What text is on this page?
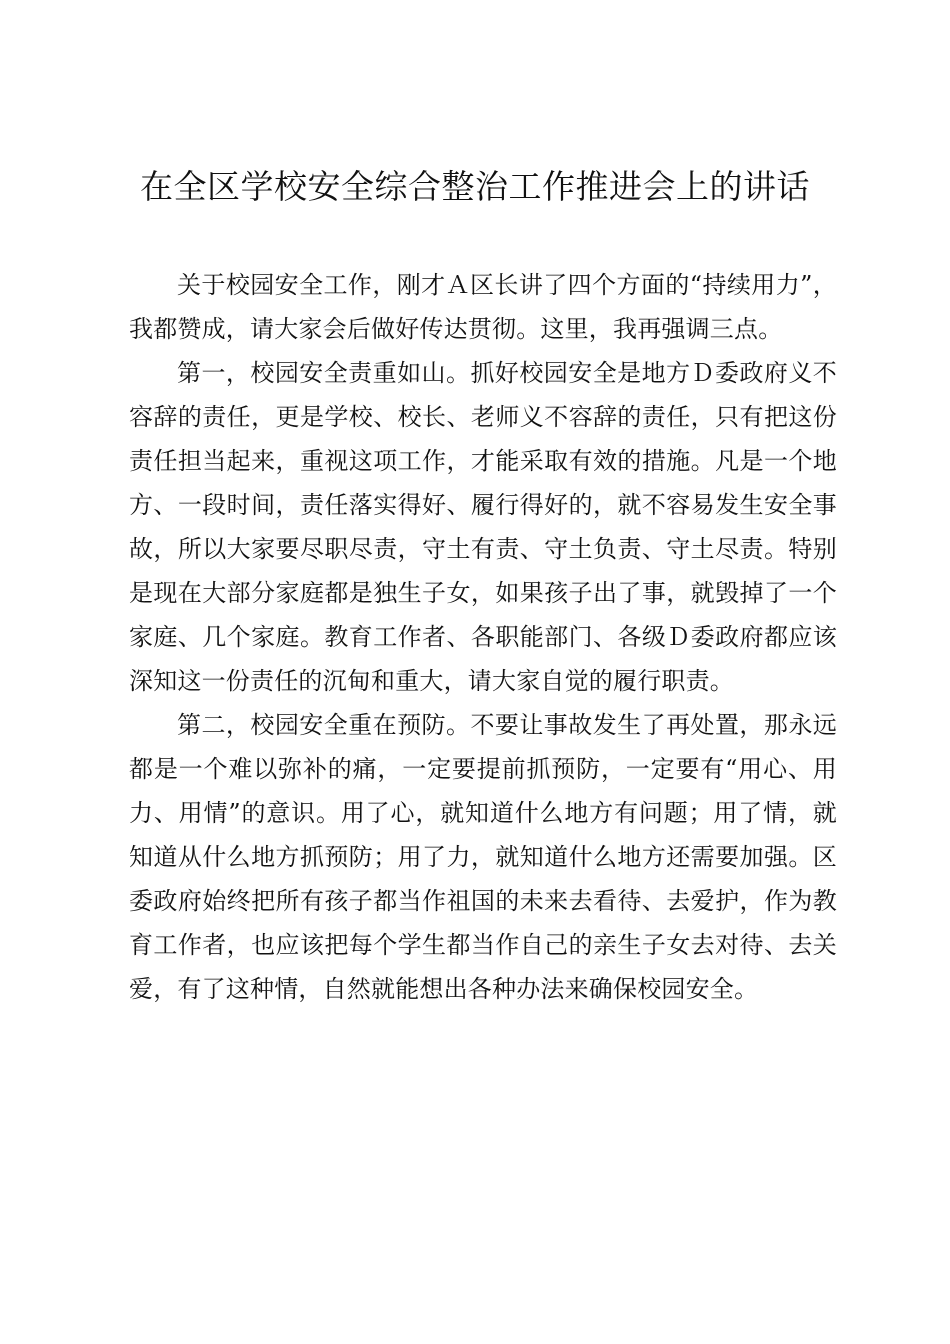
在全区学校安全综合整治工作推进会上的讲话

关于校园安全工作，刚才Ａ区长讲了四个方面的“持续用力”，我都赞成，请大家会后做好传达贯彻。这里，我再强调三点。

第一，校园安全责重如山。抓好校园安全是地方Ｄ委政府义不容辞的责任，更是学校、校长、老师义不容辞的责任，只有把这份责任担当起来，重视这项工作，才能采取有效的措施。凡是一个地方、一段时间，责任落实得好、履行得好的，就不容易发生安全事故，所以大家要尽职尽责，守土有责、守土负责、守土尽责。特别是现在大部分家庭都是独生子女，如果孩子出了事，就毁掉了一个家庭、几个家庭。教育工作者、各职能部门、各级Ｄ委政府都应该深知这一份责任的沉甸和重大，请大家自觉的履行职责。

第二，校园安全重在预防。不要让事故发生了再处置，那永远都是一个难以弥补的痛，一定要提前抓预防，一定要有“用心、用力、用情”的意识。用了心，就知道什么地方有问题；用了情，就知道从什么地方抓预防；用了力，就知道什么地方还需要加强。区委政府始终把所有孩子都当作祖国的未来去看待、去爱护，作为教育工作者，也应该把每个学生都当作自己的亲生子女去对待、去关爱，有了这种情，自然就能想出各种办法来确保校园安全。
